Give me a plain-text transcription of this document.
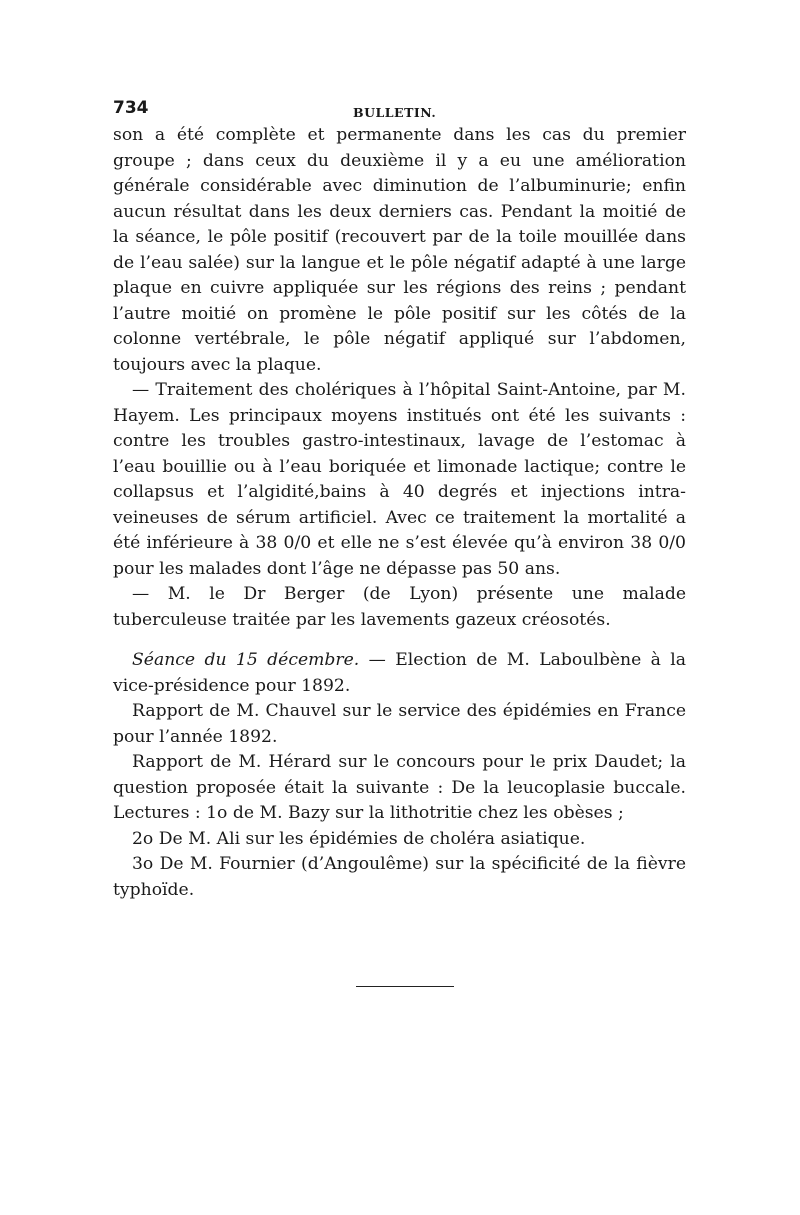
734	BULLETIN.

son a été complète et permanente dans les cas du premier groupe ; dans ceux du deuxième il y a eu une amélioration générale considérable avec diminution de l’albuminurie; enfin aucun résultat dans les deux derniers cas. Pendant la moitié de la séance, le pôle positif (recouvert par de la toile mouillée dans de l’eau salée) sur la langue et le pôle négatif adapté à une large plaque en cuivre appliquée sur les régions des reins ; pendant l’autre moitié on promène le pôle positif sur les côtés de la colonne vertébrale, le pôle négatif appliqué sur l’abdomen, toujours avec la plaque.

— Traitement des cholériques à l’hôpital Saint-Antoine, par M. Hayem. Les principaux moyens institués ont été les suivants : contre les troubles gastro-intestinaux, lavage de l’estomac à l’eau bouillie ou à l’eau boriquée et limonade lactique; contre le collapsus et l’algidité,bains à 40 degrés et injections intra-veineuses de sérum artificiel. Avec ce traitement la mortalité a été inférieure à 38 0/0 et elle ne s’est élevée qu’à environ 38 0/0 pour les malades dont l’âge ne dépasse pas 50 ans.

— M. le Dr Berger (de Lyon) présente une malade tuberculeuse traitée par les lavements gazeux créosotés.

Séance du 15 décembre. — Election de M. Laboulbène à la vice-présidence pour 1892.

Rapport de M. Chauvel sur le service des épidémies en France pour l’année 1892.

Rapport de M. Hérard sur le concours pour le prix Daudet; la question proposée était la suivante : De la leucoplasie buccale. Lectures : 1o de M. Bazy sur la lithotritie chez les obèses ;

2o De M. Ali sur les épidémies de choléra asiatique.

3o De M. Fournier (d’Angoulême) sur la spécificité de la fièvre typhoïde.
